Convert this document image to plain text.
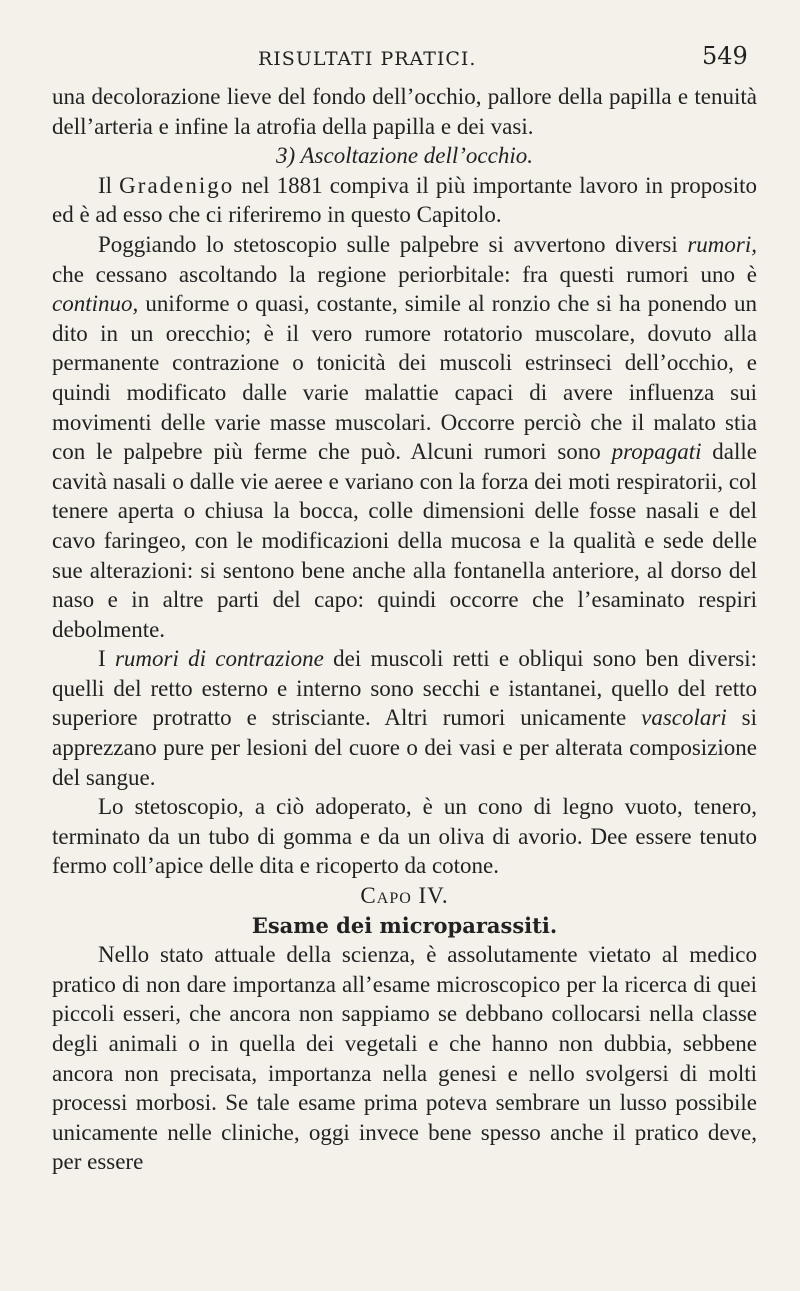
RISULTATI PRATICI.	549

una decolorazione lieve del fondo dell’occhio, pallore della papilla e tenuità dell’arteria e infine la atrofia della papilla e dei vasi.

3) Ascoltazione dell’occhio.

Il Gradenigo nel 1881 compiva il più importante lavoro in proposito ed è ad esso che ci riferiremo in questo Capitolo.

Poggiando lo stetoscopio sulle palpebre si avvertono diversi rumori, che cessano ascoltando la regione periorbitale: fra questi rumori uno è continuo, uniforme o quasi, costante, simile al ronzio che si ha ponendo un dito in un orecchio; è il vero rumore rotatorio muscolare, dovuto alla permanente contrazione o tonicità dei muscoli estrinseci dell’occhio, e quindi modificato dalle varie malattie capaci di avere influenza sui movimenti delle varie masse muscolari. Occorre perciò che il malato stia con le palpebre più ferme che può. Alcuni rumori sono propagati dalle cavità nasali o dalle vie aeree e variano con la forza dei moti respiratorii, col tenere aperta o chiusa la bocca, colle dimensioni delle fosse nasali e del cavo faringeo, con le modificazioni della mucosa e la qualità e sede delle sue alterazioni: si sentono bene anche alla fontanella anteriore, al dorso del naso e in altre parti del capo: quindi occorre che l’esaminato respiri debolmente.

I rumori di contrazione dei muscoli retti e obliqui sono ben diversi: quelli del retto esterno e interno sono secchi e istantanei, quello del retto superiore protratto e strisciante. Altri rumori unicamente vascolari si apprezzano pure per lesioni del cuore o dei vasi e per alterata composizione del sangue.

Lo stetoscopio, a ciò adoperato, è un cono di legno vuoto, tenero, terminato da un tubo di gomma e da un oliva di avorio. Dee essere tenuto fermo coll’apice delle dita e ricoperto da cotone.

Capo IV.

Esame dei microparassiti.

Nello stato attuale della scienza, è assolutamente vietato al medico pratico di non dare importanza all’esame microscopico per la ricerca di quei piccoli esseri, che ancora non sappiamo se debbano collocarsi nella classe degli animali o in quella dei vegetali e che hanno non dubbia, sebbene ancora non precisata, importanza nella genesi e nello svolgersi di molti processi morbosi. Se tale esame prima poteva sembrare un lusso possibile unicamente nelle cliniche, oggi invece bene spesso anche il pratico deve, per essere
